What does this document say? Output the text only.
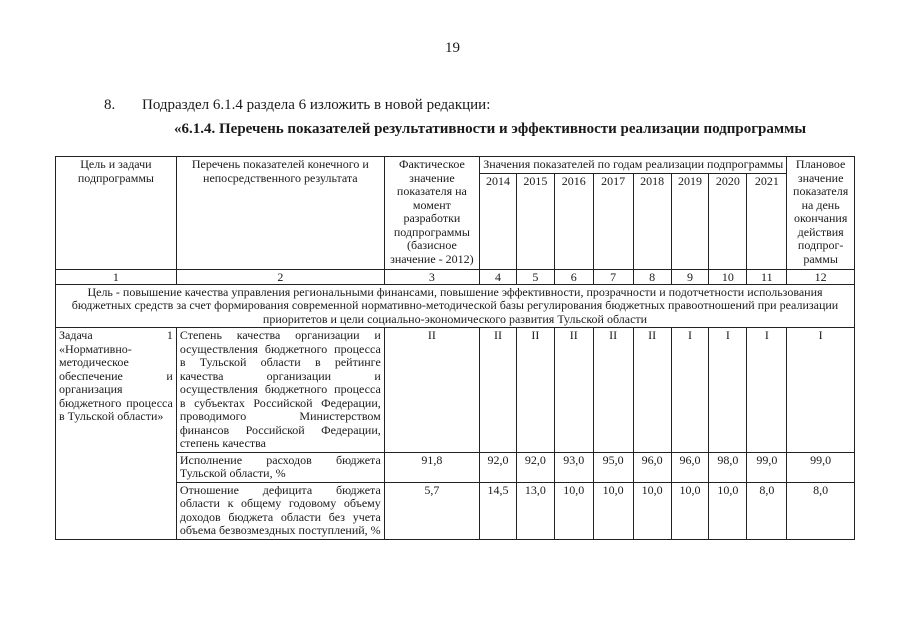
19
8. Подраздел 6.1.4 раздела 6 изложить в новой редакции:
«6.1.4. Перечень показателей результативности и эффективности реализации подпрограммы
Цель и задачи подпрограммы	Перечень показателей конечного и непосредственного результата	Фактическое значение показателя на момент разработки подпрограммы (базисное значение - 2012)	Значения показателей по годам реализации подпрограммы								Плановое значение показателя на день окончания действия подпрог- раммы
			2014	2015	2016	2017	2018	2019	2020	2021	
1	2	3	4	5	6	7	8	9	10	11	12
Цель - повышение качества управления региональными финансами, повышение эффективности, прозрачности и подотчетности использования бюджетных средств за счет формирования современной нормативно-методической базы регулирования бюджетных правоотношений при реализации приоритетов и цели социально-экономического развития Тульской области											
Задача 1 «Нормативно-методическое обеспечение и организация бюджетного процесса в Тульской области»	Степень качества организации и осуществления бюджетного процесса в Тульской области в рейтинге качества организации и осуществления бюджетного процесса в субъектах Российской Федерации, проводимого Министерством финансов Российской Федерации, степень качества	II	II	II	II	II	II	I	I	I	I
	Исполнение расходов бюджета Тульской области, %	91,8	92,0	92,0	93,0	95,0	96,0	96,0	98,0	99,0	99,0
	Отношение дефицита бюджета области к общему годовому объему доходов бюджета области без учета объема безвозмездных поступлений, %	5,7	14,5	13,0	10,0	10,0	10,0	10,0	10,0	8,0	8,0
